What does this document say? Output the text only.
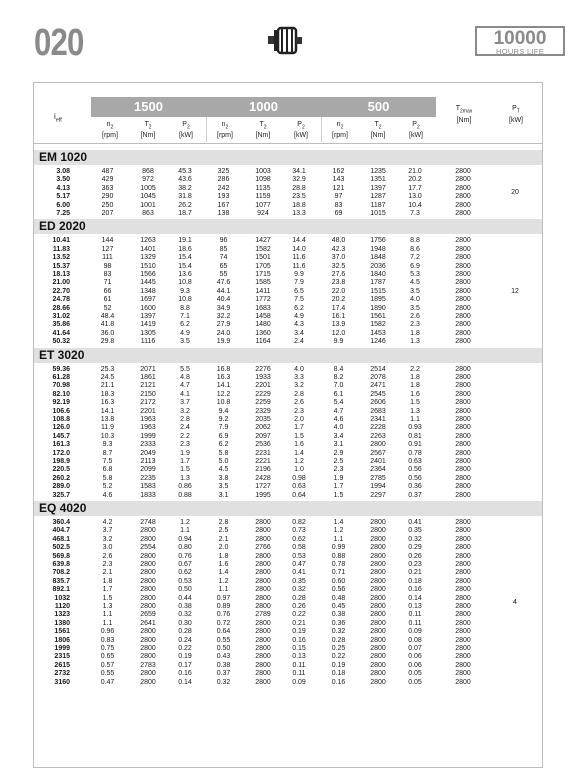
020	10000
HOURS LIFE
$i_{eff}$
1500	1000	500
$n_2$
[rpm]
$T_2$
[Nm]
$P_2$
[kW]
$n_2$
[rpm]
$T_2$
[Nm]
$P_2$
[kW]
$n_2$
[rpm]
$T_2$
[Nm]
$P_2$
[kW]
$T_{2max}$
[Nm]
$P_T$
[kW]
EM 1020
3.08	487	868	45.3	325	1003	34.1	162	1235	21.0	2800
3.50	429	972	43.6	286	1098	32.9	143	1351	20.2	2800
4.13	363	1005	38.2	242	1135	28.8	121	1397	17.7	2800
5.17	290	1045	31.8	193	1159	23.5	97	1287	13.0	2800
6.00	250	1001	26.2	167	1077	18.8	83	1187	10.4	2800
7.25	207	863	18.7	138	924	13.3	69	1015	7.3	2800
20
ED 2020
10.41	144	1263	19.1	96	1427	14.4	48.0	1756	8.8	2800
11.83	127	1401	18.6	85	1582	14.0	42.3	1948	8.6	2800
13.52	111	1329	15.4	74	1501	11.6	37.0	1848	7.2	2800
15.37	98	1510	15.4	65	1705	11.6	32.5	2036	6.9	2800
18.13	83	1566	13.6	55	1715	9.9	27.6	1840	5.3	2800
21.00	71	1445	10.8	47.6	1585	7.9	23.8	1787	4.5	2800
22.70	66	1348	9.3	44.1	1411	6.5	22.0	1515	3.5	2800
24.78	61	1697	10.8	40.4	1772	7.5	20.2	1895	4.0	2800
28.66	52	1600	8.8	34.9	1683	6.2	17.4	1890	3.5	2800
31.02	48.4	1397	7.1	32.2	1458	4.9	16.1	1561	2.6	2800
35.86	41.8	1419	6.2	27.9	1480	4.3	13.9	1582	2.3	2800
41.64	36.0	1305	4.9	24.0	1360	3.4	12.0	1453	1.8	2800
50.32	29.8	1116	3.5	19.9	1164	2.4	9.9	1246	1.3	2800
12
ET 3020
59.36	25.3	2071	5.5	16.8	2276	4.0	8.4	2514	2.2	2800
61.28	24.5	1861	4.8	16.3	1933	3.3	8.2	2078	1.8	2800
70.98	21.1	2121	4.7	14.1	2201	3.2	7.0	2471	1.8	2800
82.10	18.3	2150	4.1	12.2	2229	2.8	6.1	2545	1.6	2800
92.19	16.3	2172	3.7	10.8	2259	2.6	5.4	2606	1.5	2800
106.6	14.1	2201	3.2	9.4	2329	2.3	4.7	2683	1.3	2800
108.8	13.8	1963	2.8	9.2	2035	2.0	4.6	2341	1.1	2800
126.0	11.9	1963	2.4	7.9	2062	1.7	4.0	2228	0.93	2800
145.7	10.3	1999	2.2	6.9	2097	1.5	3.4	2263	0.81	2800
161.3	9.3	2333	2.3	6.2	2536	1.6	3.1	2800	0.91	2800
172.0	8.7	2049	1.9	5.8	2231	1.4	2.9	2567	0.78	2800
198.9	7.5	2113	1.7	5.0	2221	1.2	2.5	2401	0.63	2800
220.5	6.8	2099	1.5	4.5	2196	1.0	2.3	2364	0.56	2800
260.2	5.8	2235	1.3	3.8	2428	0.98	1.9	2785	0.56	2800
289.0	5.2	1583	0.86	3.5	1727	0.63	1.7	1994	0.36	2800
325.7	4.6	1833	0.88	3.1	1995	0.64	1.5	2297	0.37	2800
EQ 4020
360.4	4.2	2748	1.2	2.8	2800	0.82	1.4	2800	0.41	2800
404.7	3.7	2800	1.1	2.5	2800	0.73	1.2	2800	0.35	2800
468.1	3.2	2800	0.94	2.1	2800	0.62	1.1	2800	0.32	2800
502.5	3.0	2554	0.80	2.0	2766	0.58	0.99	2800	0.29	2800
569.8	2.6	2800	0.76	1.8	2800	0.53	0.88	2800	0.26	2800
639.8	2.3	2800	0.67	1.6	2800	0.47	0.78	2800	0.23	2800
708.2	2.1	2800	0.62	1.4	2800	0.41	0.71	2800	0.21	2800
835.7	1.8	2800	0.53	1.2	2800	0.35	0.60	2800	0.18	2800
892.1	1.7	2800	0.50	1.1	2800	0.32	0.56	2800	0.16	2800
1032	1.5	2800	0.44	0.97	2800	0.28	0.48	2800	0.14	2800
1120	1.3	2800	0.38	0.89	2800	0.26	0.45	2800	0.13	2800
1323	1.1	2659	0.32	0.76	2789	0.22	0.38	2800	0.11	2800
1380	1.1	2641	0.30	0.72	2800	0.21	0.36	2800	0.11	2800
1561	0.96	2800	0.28	0.64	2800	0.19	0.32	2800	0.09	2800
1806	0.83	2800	0.24	0.55	2800	0.16	0.28	2800	0.08	2800
1999	0.75	2800	0.22	0.50	2800	0.15	0.25	2800	0.07	2800
2315	0.65	2800	0.19	0.43	2800	0.13	0.22	2800	0.06	2800
2615	0.57	2783	0.17	0.38	2800	0.11	0.19	2800	0.06	2800
2732	0.55	2800	0.16	0.37	2800	0.11	0.18	2800	0.05	2800
3160	0.47	2800	0.14	0.32	2800	0.09	0.16	2800	0.05	2800
4
